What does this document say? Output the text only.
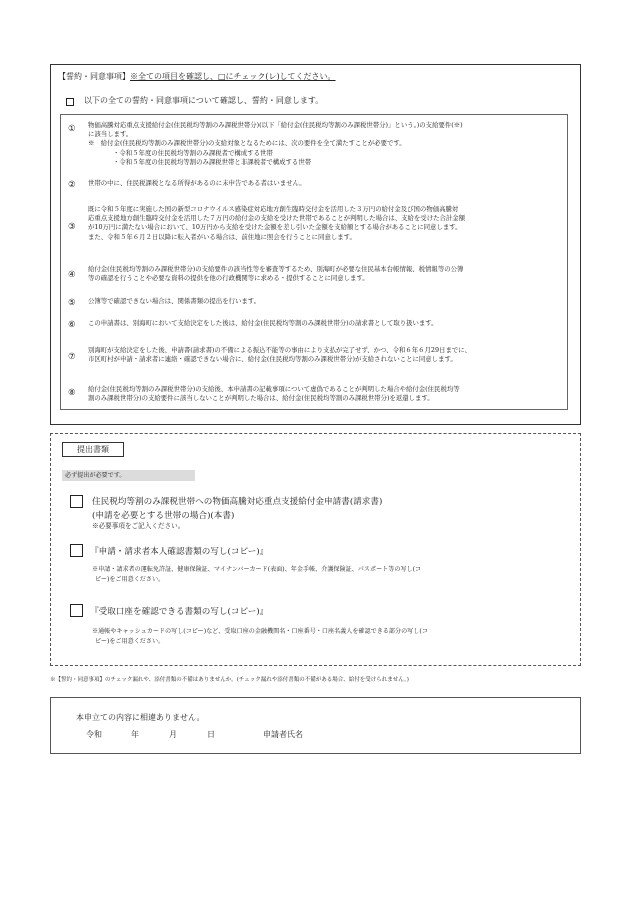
【誓約・同意事項】※全ての項目を確認し、□にチェック(レ)してください。
以下の全ての誓約・同意事項について確認し、誓約・同意します。
① 物価高騰対応重点支援給付金(住民税均等割のみ課税世帯分)(以下「給付金(住民税均等割のみ課税世帯分)」という。)の支給要件(※)
に該当します。
※　給付金(住民税均等割のみ課税世帯分)の支給対象となるためには、次の要件を全て満たすことが必要です。
・令和５年度の住民税均等割のみ課税者で構成する世帯
・令和５年度の住民税均等割のみ課税世帯と非課税者で構成する世帯
② 世帯の中に、住民税課税となる所得があるのに未申告である者はいません。
③
既に令和５年度に実施した国の新型コロナウイルス感染症対応地方創生臨時交付金を活用した３万円の給付金及び国の物価高騰対
応重点支援地方創生臨時交付金を活用した７万円の給付金の支給を受けた世帯であることが判明した場合は、支給を受けた合計金額
が10万円に満たない場合において、10万円から支給を受けた金額を差し引いた金額を支給額とする場合があることに同意します。
また、令和５年６月２日以降に転入者がいる場合は、前住地に照会を行うことに同意します。
④
給付金(住民税均等割のみ課税世帯分)の支給要件の該当性等を審査等するため、別海町が必要な住民基本台帳情報、税情報等の公簿
等の確認を行うことや必要な資料の提供を他の行政機関等に求める・提供することに同意します。
⑤ 公簿等で確認できない場合は、関係書類の提出を行います。
⑥ この申請書は、別海町において支給決定をした後は、給付金(住民税均等割のみ課税世帯分)の請求書として取り扱います。
⑦
別海町が支給決定をした後、申請書(請求書)の不備による振込不能等の事由により支払が完了せず、かつ、令和６年６月29日までに、
市区町村が申請・請求者に連絡・確認できない場合に、給付金(住民税均等割のみ課税世帯分)が支給されないことに同意します。
⑧ 給付金(住民税均等割のみ課税世帯分)の支給後、本申請書の記載事項について虚偽であることが判明した場合や給付金(住民税均等
割のみ課税世帯分)の支給要件に該当しないことが判明した場合は、給付金(住民税均等割のみ課税世帯分)を返還します。
提出書類
必ず提出が必要です。
住民税均等割のみ課税世帯への物価高騰対応重点支援給付金申請書(請求書)
(申請を必要とする世帯の場合)(本書)
※必要事項をご記入ください。
『申請・請求者本人確認書類の写し(コピー)』
※申請・請求者の運転免許証、健康保険証、マイナンバーカード(表面)、年金手帳、介護保険証、パスポート等の写し(コ
ピー)をご用意ください。
『受取口座を確認できる書類の写し(コピー)』
※通帳やキャッシュカードの写し(コピー)など、受取口座の金融機関名・口座番号・口座名義人を確認できる部分の写し(コ
ピー)をご用意ください。
※【誓約・同意事項】のチェック漏れや、添付書類の不備はありませんか。(チェック漏れや添付書類の不備がある場合、給付を受けられません。)
本申立ての内容に相違ありません。
令和	年	月	日	申請者氏名
